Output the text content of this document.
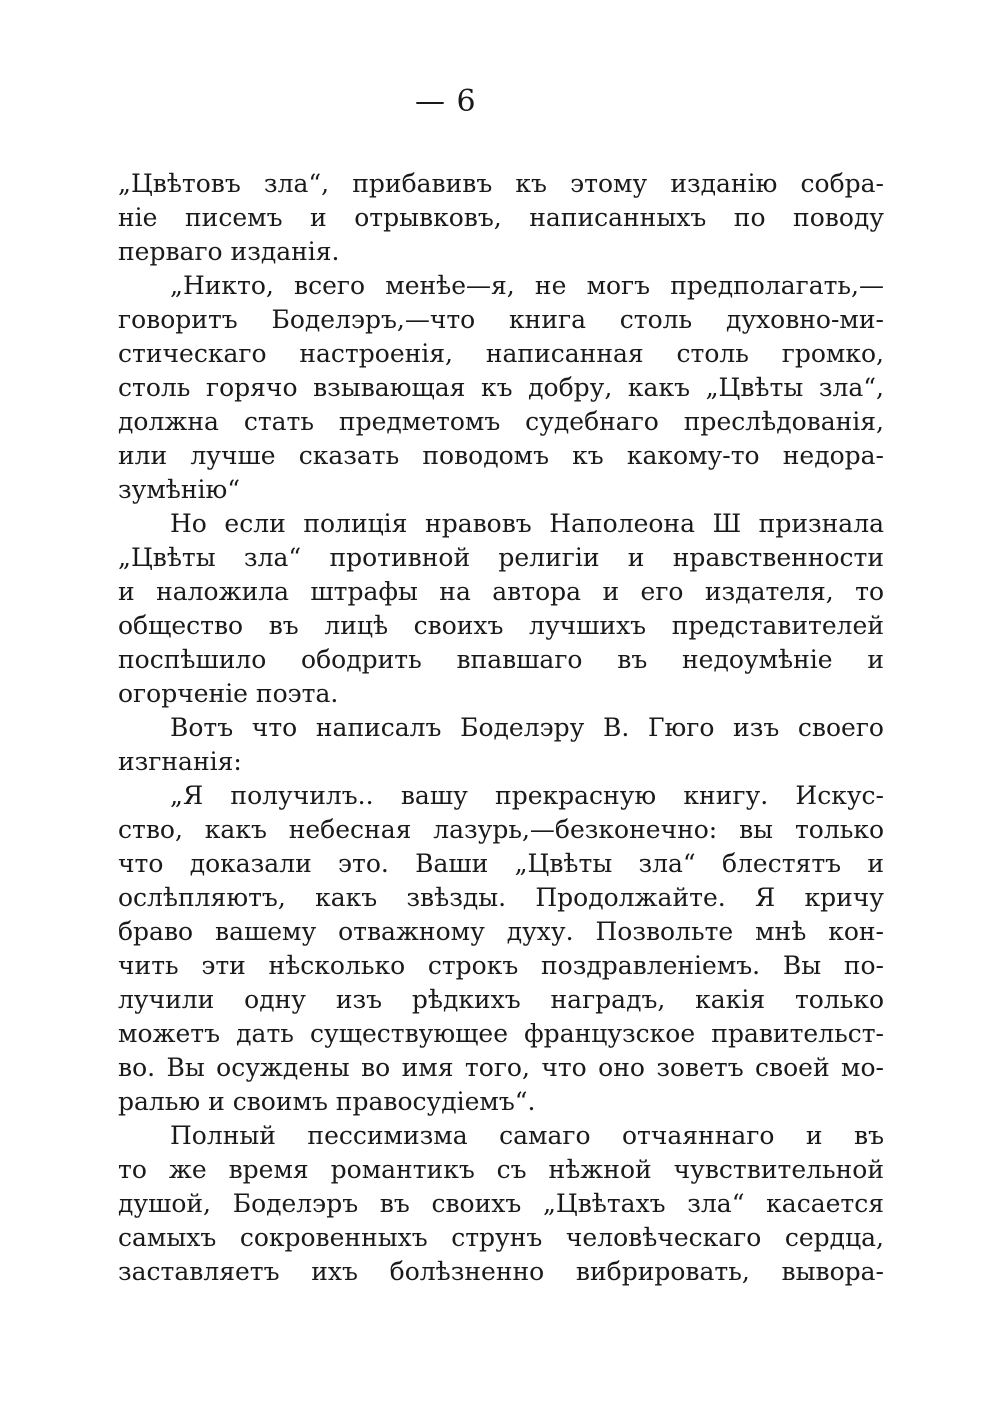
— 6
„Цвѣтовъ зла“, прибавивъ къ этому изданію собра-
ніе писемъ и отрывковъ, написанныхъ по поводу
перваго изданія.
„Никто, всего менѣе—я, не могъ предполагать,—
говоритъ Боделэръ,—что книга столь духовно-ми-
стическаго настроенія, написанная столь громко,
столь горячо взывающая къ добру, какъ „Цвѣты зла“,
должна стать предметомъ судебнаго преслѣдованія,
или лучше сказать поводомъ къ какому-то недора-
зумѣнію“
Но если полиція нравовъ Наполеона Ш признала
„Цвѣты зла“ противной религіи и нравственности
и наложила штрафы на автора и его издателя, то
общество въ лицѣ своихъ лучшихъ представителей
поспѣшило ободрить впавшаго въ недоумѣніе и
огорченіе поэта.
Вотъ что написалъ Боделэру В. Гюго изъ своего
изгнанія:
„Я получилъ.. вашу прекрасную книгу. Искус-
ство, какъ небесная лазурь,—безконечно: вы только
что доказали это. Ваши „Цвѣты зла“ блестятъ и
ослѣпляютъ, какъ звѣзды. Продолжайте. Я кричу
браво вашему отважному духу. Позвольте мнѣ кон-
чить эти нѣсколько строкъ поздравленіемъ. Вы по-
лучили одну изъ рѣдкихъ наградъ, какія только
можетъ дать существующее французское правительст-
во. Вы осуждены во имя того, что оно зоветъ своей мо-
ралью и своимъ правосудіемъ“.
Полный пессимизма самаго отчаяннаго и въ
то же время романтикъ съ нѣжной чувствительной
душой, Боделэръ въ своихъ „Цвѣтахъ зла“ касается
самыхъ сокровенныхъ струнъ человѣческаго сердца,
заставляетъ ихъ болѣзненно вибрировать, вывора-
